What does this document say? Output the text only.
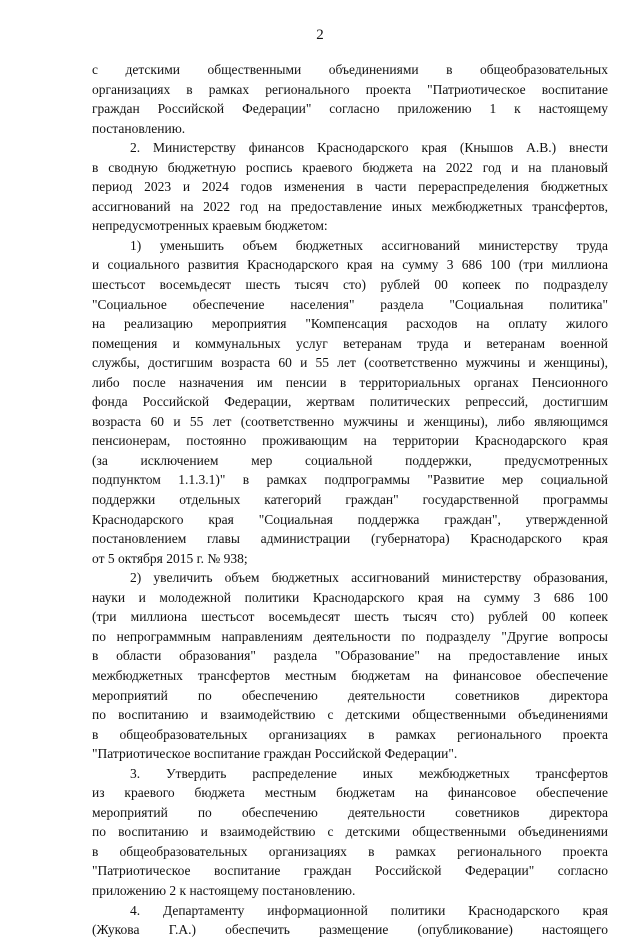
2
с детскими общественными объединениями в общеобразовательных
организациях в рамках регионального проекта "Патриотическое воспитание
граждан Российской Федерации" согласно приложению 1 к настоящему
постановлению.
2. Министерству финансов Краснодарского края (Кнышов А.В.) внести
в сводную бюджетную роспись краевого бюджета на 2022 год и на плановый
период 2023 и 2024 годов изменения в части перераспределения бюджетных
ассигнований на 2022 год на предоставление иных межбюджетных трансфертов,
непредусмотренных краевым бюджетом:
1) уменьшить объем бюджетных ассигнований министерству труда
и социального развития Краснодарского края на сумму 3 686 100 (три миллиона
шестьсот восемьдесят шесть тысяч сто) рублей 00 копеек по подразделу
"Социальное обеспечение населения" раздела "Социальная политика"
на реализацию мероприятия "Компенсация расходов на оплату жилого
помещения и коммунальных услуг ветеранам труда и ветеранам военной
службы, достигшим возраста 60 и 55 лет (соответственно мужчины и женщины),
либо после назначения им пенсии в территориальных органах Пенсионного
фонда Российской Федерации, жертвам политических репрессий, достигшим
возраста 60 и 55 лет (соответственно мужчины и женщины), либо являющимся
пенсионерам, постоянно проживающим на территории Краснодарского края
(за исключением мер социальной поддержки, предусмотренных
подпунктом 1.1.3.1)" в рамках подпрограммы "Развитие мер социальной
поддержки отдельных категорий граждан" государственной программы
Краснодарского края "Социальная поддержка граждан", утвержденной
постановлением главы администрации (губернатора) Краснодарского края
от 5 октября 2015 г. № 938;
2) увеличить объем бюджетных ассигнований министерству образования,
науки и молодежной политики Краснодарского края на сумму 3 686 100
(три миллиона шестьсот восемьдесят шесть тысяч сто) рублей 00 копеек
по непрограммным направлениям деятельности по подразделу "Другие вопросы
в области образования" раздела "Образование" на предоставление иных
межбюджетных трансфертов местным бюджетам на финансовое обеспечение
мероприятий по обеспечению деятельности советников директора
по воспитанию и взаимодействию с детскими общественными объединениями
в общеобразовательных организациях в рамках регионального проекта
"Патриотическое воспитание граждан Российской Федерации".
3. Утвердить распределение иных межбюджетных трансфертов
из краевого бюджета местным бюджетам на финансовое обеспечение
мероприятий по обеспечению деятельности советников директора
по воспитанию и взаимодействию с детскими общественными объединениями
в общеобразовательных организациях в рамках регионального проекта
"Патриотическое воспитание граждан Российской Федерации" согласно
приложению 2 к настоящему постановлению.
4. Департаменту информационной политики Краснодарского края
(Жукова Г.А.) обеспечить размещение (опубликование) настоящего
